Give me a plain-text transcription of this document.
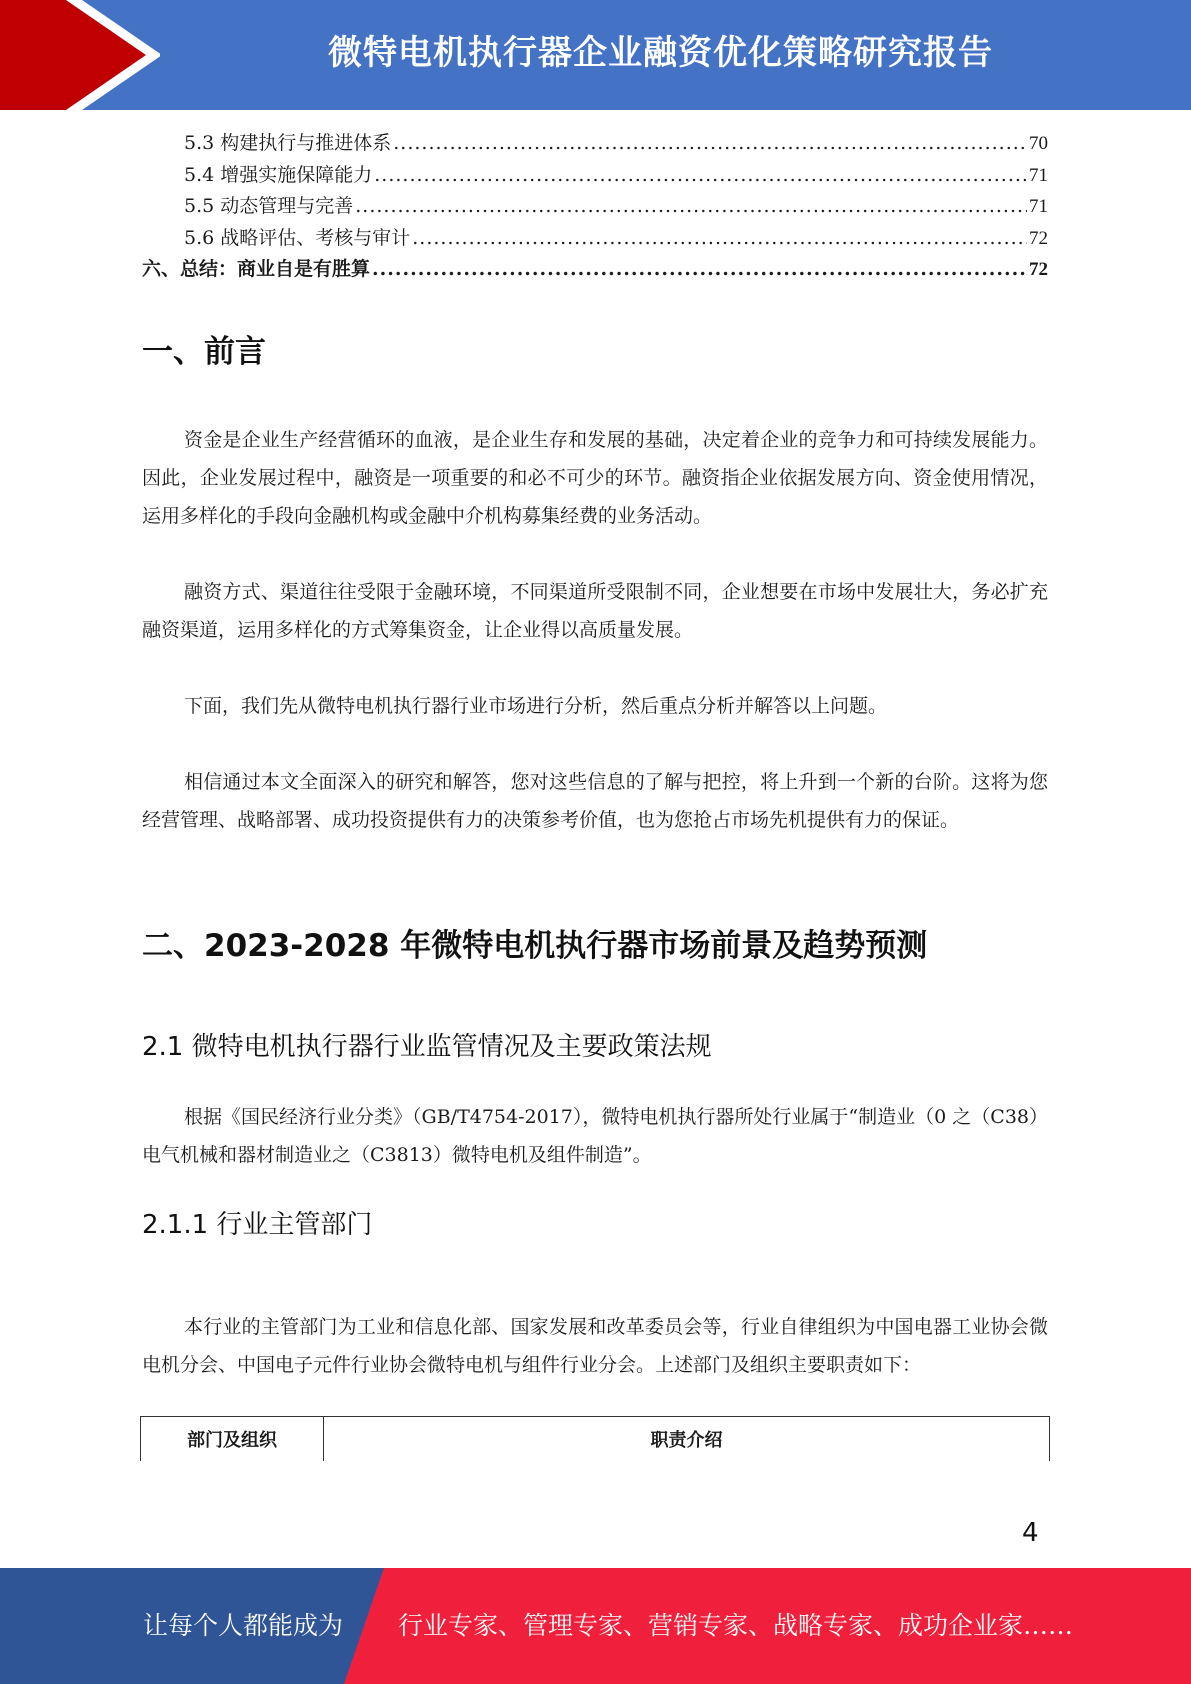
微特电机执行器企业融资优化策略研究报告
5.3 构建执行与推进体系 .....	70
5.4 增强实施保障能力 .....	71
5.5 动态管理与完善 .....	71
5.6 战略评估、考核与审计 .....	72
六、总结：商业自是有胜算 .....	72
一、前言

资金是企业生产经营循环的血液，是企业生存和发展的基础，决定着企业的竞争力和可持续发展能力。因此，企业发展过程中，融资是一项重要的和必不可少的环节。融资指企业依据发展方向、资金使用情况，运用多样化的手段向金融机构或金融中介机构募集经费的业务活动。

融资方式、渠道往往受限于金融环境，不同渠道所受限制不同，企业想要在市场中发展壮大，务必扩充融资渠道，运用多样化的方式筹集资金，让企业得以高质量发展。

下面，我们先从微特电机执行器行业市场进行分析，然后重点分析并解答以上问题。

相信通过本文全面深入的研究和解答，您对这些信息的了解与把控，将上升到一个新的台阶。这将为您经营管理、战略部署、成功投资提供有力的决策参考价值，也为您抢占市场先机提供有力的保证。

二、2023-2028 年微特电机执行器市场前景及趋势预测
2.1 微特电机执行器行业监管情况及主要政策法规

根据《国民经济行业分类》（GB/T4754-2017），微特电机执行器所处行业属于“制造业（0 之（C38）电气机械和器材制造业之（C3813）微特电机及组件制造”。

2.1.1 行业主管部门

本行业的主管部门为工业和信息化部、国家发展和改革委员会等，行业自律组织为中国电器工业协会微电机分会、中国电子元件行业协会微特电机与组件行业分会。上述部门及组织主要职责如下：

部门及组织	职责介绍
4
让每个人都能成为 行业专家、管理专家、营销专家、战略专家、成功企业家……
